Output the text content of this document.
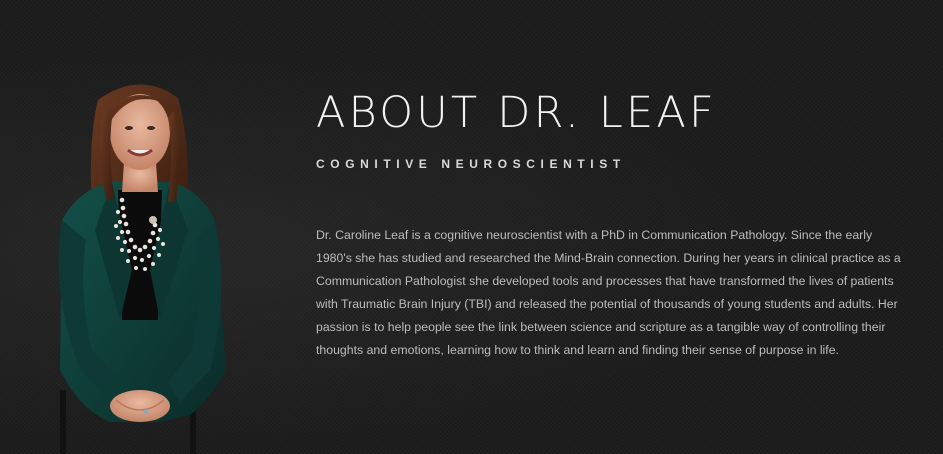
ABOUT DR. LEAF
COGNITIVE NEUROSCIENTIST

Dr. Caroline Leaf is a cognitive neuroscientist with a PhD in Communication Pathology. Since the early 1980's she has studied and researched the Mind-Brain connection. During her years in clinical practice as a Communication Pathologist she developed tools and processes that have transformed the lives of patients with Traumatic Brain Injury (TBI) and released the potential of thousands of young students and adults. Her passion is to help people see the link between science and scripture as a tangible way of controlling their thoughts and emotions, learning how to think and learn and finding their sense of purpose in life.
